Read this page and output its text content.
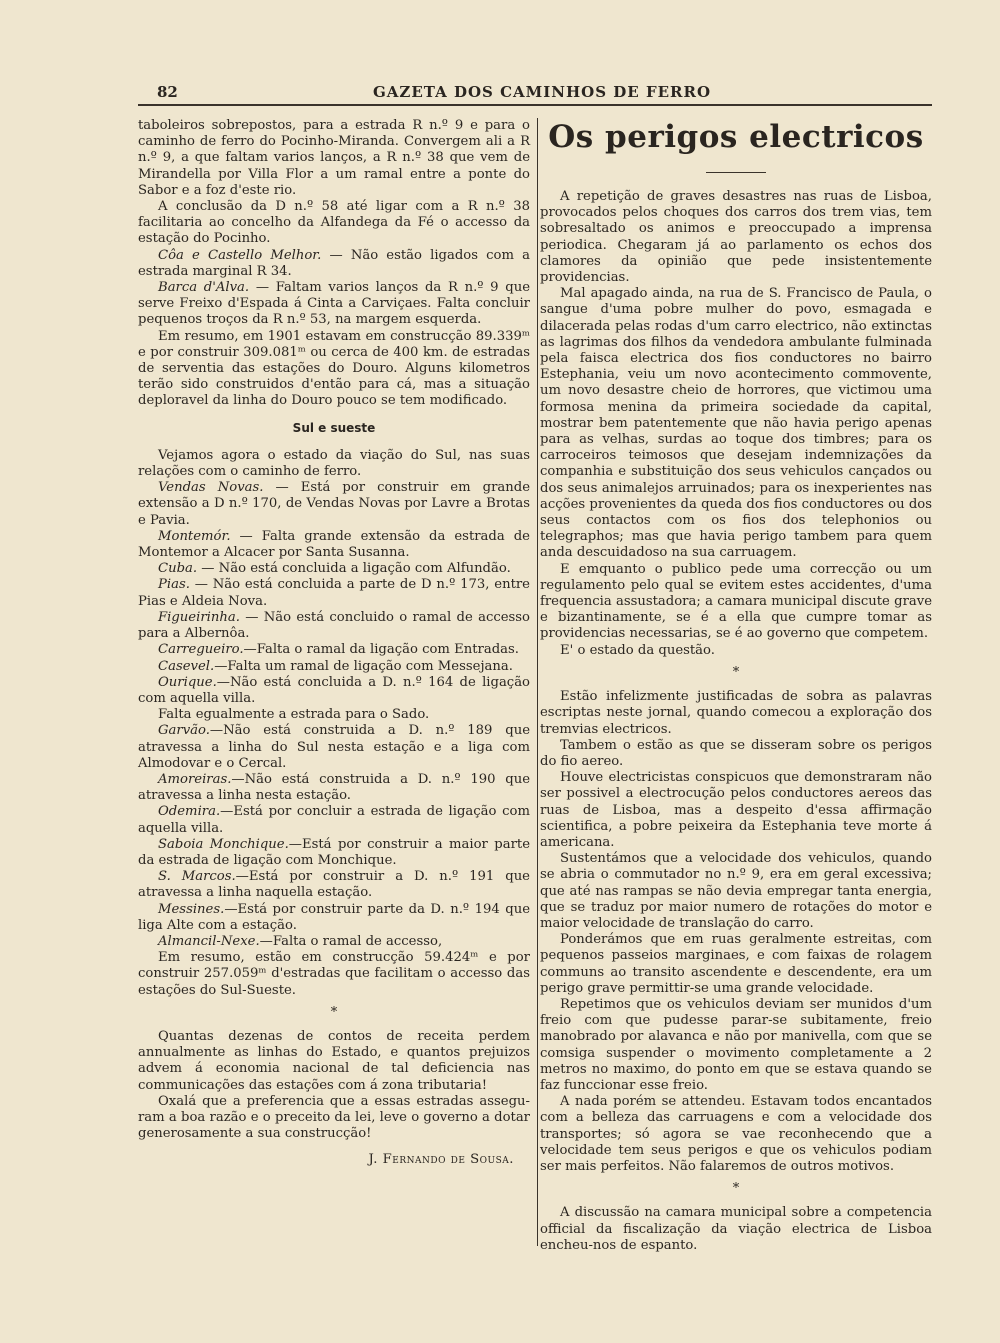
82	GAZETA DOS CAMINHOS DE FERRO

taboleiros sobrepostos, para a estrada R n.º 9 e para o caminho de ferro do Pocinho-Miranda. Convergem ali a R n.º 9, a que faltam varios lanços, a R n.º 38 que vem de Mirandella por Villa Flor a um ramal entre a ponte do Sabor e a foz d'este rio.

A conclusão da D n.º 58 até ligar com a R n.º 38 facilitaria ao concelho da Alfandega da Fé o accesso da estação do Pocinho.

Côa e Castello Melhor. — Não estão ligados com a estrada marginal R 34.

Barca d'Alva. — Faltam varios lanços da R n.º 9 que serve Freixo d'Espada á Cinta a Carviçaes. Falta concluir pequenos troços da R n.º 53, na margem esquerda.

Em resumo, em 1901 estavam em construcção 89.339ᵐ e por construir 309.081ᵐ ou cerca de 400 km. de estradas de serventia das estações do Douro. Alguns kilometros terão sido construidos d'então para cá, mas a situação deploravel da linha do Douro pouco se tem modificado.

Sul e sueste

Vejamos agora o estado da viação do Sul, nas suas relações com o caminho de ferro.

Vendas Novas. — Está por construir em grande extensão a D n.º 170, de Vendas Novas por Lavre a Brotas e Pavia.

Montemór. — Falta grande extensão da estrada de Montemor a Alcacer por Santa Susanna.

Cuba. — Não está concluida a ligação com Alfundão.

Pias. — Não está concluida a parte de D n.º 173, entre Pias e Aldeia Nova.

Figueirinha. — Não está concluido o ramal de accesso para a Albernôa.

Carregueiro.—Falta o ramal da ligação com Entradas.

Casevel.—Falta um ramal de ligação com Messejana.

Ourique.—Não está concluida a D. n.º 164 de ligação com aquella villa.

Falta egualmente a estrada para o Sado.

Garvão.—Não está construida a D. n.º 189 que atravessa a linha do Sul nesta estação e a liga com Almodovar e o Cercal.

Amoreiras.—Não está construida a D. n.º 190 que atravessa a linha nesta estação.

Odemira.—Está por concluir a estrada de ligação com aquella villa.

Saboia Monchique.—Está por construir a maior parte da estrada de ligação com Monchique.

S. Marcos.—Está por construir a D. n.º 191 que atravessa a linha naquella estação.

Messines.—Está por construir parte da D. n.º 194 que liga Alte com a estação.

Almancil-Nexe.—Falta o ramal de accesso,

Em resumo, estão em construcção 59.424ᵐ e por construir 257.059ᵐ d'estradas que facilitam o accesso das estações do Sul-Sueste.

*

Quantas dezenas de contos de receita perdem annualmente as linhas do Estado, e quantos prejuizos advem á economia nacional de tal deficiencia nas communicações das estações com á zona tributaria!

Oxalá que a preferencia que a essas estradas asseguram a boa razão e o preceito da lei, leve o governo a dotar generosamente a sua construcção!

J. Fernando de Sousa.
Os perigos electricos

A repetição de graves desastres nas ruas de Lisboa, provocados pelos choques dos carros dos trem vias, tem sobresaltado os animos e preoccupado a imprensa periodica. Chegaram já ao parlamento os echos dos clamores da opinião que pede insistentemente providencias.

Mal apagado ainda, na rua de S. Francisco de Paula, o sangue d'uma pobre mulher do povo, esmagada e dilacerada pelas rodas d'um carro electrico, não extinctas as lagrimas dos filhos da vendedora ambulante fulminada pela faisca electrica dos fios conductores no bairro Estephania, veiu um novo acontecimento commovente, um novo desastre cheio de horrores, que victimou uma formosa menina da primeira sociedade da capital, mostrar bem patentemente que não havia perigo apenas para as velhas, surdas ao toque dos timbres; para os carroceiros teimosos que desejam indemnizações da companhia e substituição dos seus vehiculos cançados ou dos seus animalejos arruinados; para os inexperientes nas acções provenientes da queda dos fios conductores ou dos seus contactos com os fios dos telephonios ou telegraphos; mas que havia perigo tambem para quem anda descuidadoso na sua carruagem.

E emquanto o publico pede uma correcção ou um regulamento pelo qual se evitem estes accidentes, d'uma frequencia assustadora; a camara municipal discute grave e bizantinamente, se é a ella que cumpre tomar as providencias necessarias, se é ao governo que competem.

E' o estado da questão.

*

Estão infelizmente justificadas de sobra as palavras escriptas neste jornal, quando comecou a exploração dos tremvias electricos.

Tambem o estão as que se disseram sobre os perigos do fio aereo.

Houve electricistas conspicuos que demonstraram não ser possivel a electrocução pelos conductores aereos das ruas de Lisboa, mas a despeito d'essa affirmação scientifica, a pobre peixeira da Estephania teve morte á americana.

Sustentámos que a velocidade dos vehiculos, quando se abria o commutador no n.º 9, era em geral excessiva; que até nas rampas se não devia empregar tanta energia, que se traduz por maior numero de rotações do motor e maior velocidade de translação do carro.

Ponderámos que em ruas geralmente estreitas, com pequenos passeios marginaes, e com faixas de rolagem communs ao transito ascendente e descendente, era um perigo grave permittir-se uma grande velocidade.

Repetimos que os vehiculos deviam ser munidos d'um freio com que pudesse parar-se subitamente, freio manobrado por alavanca e não por manivella, com que se comsiga suspender o movimento completamente a 2 metros no maximo, do ponto em que se estava quando se faz funccionar esse freio.

A nada porém se attendeu. Estavam todos encantados com a belleza das carruagens e com a velocidade dos transportes; só agora se vae reconhecendo que a velocidade tem seus perigos e que os vehiculos podiam ser mais perfeitos. Não falaremos de outros motivos.

*

A discussão na camara municipal sobre a competencia official da fiscalização da viação electrica de Lisboa encheu-nos de espanto.
